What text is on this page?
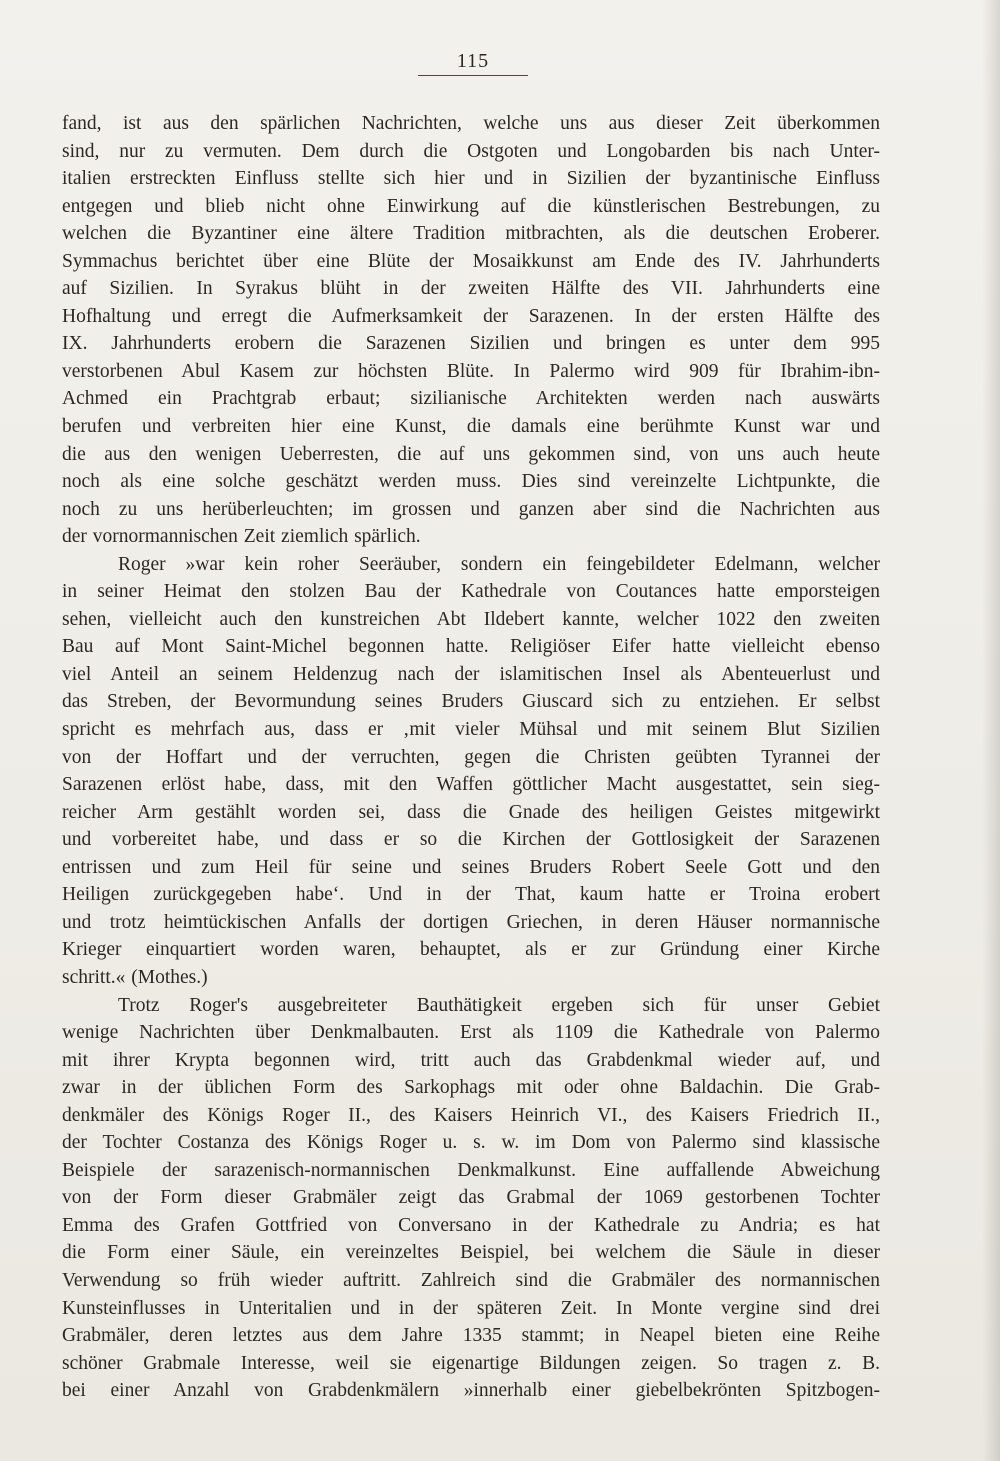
115
fand, ist aus den spärlichen Nachrichten, welche uns aus dieser Zeit überkommen
sind, nur zu vermuten. Dem durch die Ostgoten und Longobarden bis nach Unter-
italien erstreckten Einfluss stellte sich hier und in Sizilien der byzantinische Einfluss
entgegen und blieb nicht ohne Einwirkung auf die künstlerischen Bestrebungen, zu
welchen die Byzantiner eine ältere Tradition mitbrachten, als die deutschen Eroberer.
Symmachus berichtet über eine Blüte der Mosaikkunst am Ende des IV. Jahrhunderts
auf Sizilien. In Syrakus blüht in der zweiten Hälfte des VII. Jahrhunderts eine
Hofhaltung und erregt die Aufmerksamkeit der Sarazenen. In der ersten Hälfte des
IX. Jahrhunderts erobern die Sarazenen Sizilien und bringen es unter dem 995
verstorbenen Abul Kasem zur höchsten Blüte. In Palermo wird 909 für Ibrahim-ibn-
Achmed ein Prachtgrab erbaut; sizilianische Architekten werden nach auswärts
berufen und verbreiten hier eine Kunst, die damals eine berühmte Kunst war und
die aus den wenigen Ueberresten, die auf uns gekommen sind, von uns auch heute
noch als eine solche geschätzt werden muss. Dies sind vereinzelte Lichtpunkte, die
noch zu uns herüberleuchten; im grossen und ganzen aber sind die Nachrichten aus
der vornormannischen Zeit ziemlich spärlich.
Roger »war kein roher Seeräuber, sondern ein feingebildeter Edelmann, welcher
in seiner Heimat den stolzen Bau der Kathedrale von Coutances hatte emporsteigen
sehen, vielleicht auch den kunstreichen Abt Ildebert kannte, welcher 1022 den zweiten
Bau auf Mont Saint-Michel begonnen hatte. Religiöser Eifer hatte vielleicht ebenso
viel Anteil an seinem Heldenzug nach der islamitischen Insel als Abenteuerlust und
das Streben, der Bevormundung seines Bruders Giuscard sich zu entziehen. Er selbst
spricht es mehrfach aus, dass er ‚mit vieler Mühsal und mit seinem Blut Sizilien
von der Hoffart und der verruchten, gegen die Christen geübten Tyrannei der
Sarazenen erlöst habe, dass, mit den Waffen göttlicher Macht ausgestattet, sein sieg-
reicher Arm gestählt worden sei, dass die Gnade des heiligen Geistes mitgewirkt
und vorbereitet habe, und dass er so die Kirchen der Gottlosigkeit der Sarazenen
entrissen und zum Heil für seine und seines Bruders Robert Seele Gott und den
Heiligen zurückgegeben habe‘. Und in der That, kaum hatte er Troina erobert
und trotz heimtückischen Anfalls der dortigen Griechen, in deren Häuser normannische
Krieger einquartiert worden waren, behauptet, als er zur Gründung einer Kirche
schritt.« (Mothes.)
Trotz Roger's ausgebreiteter Bauthätigkeit ergeben sich für unser Gebiet
wenige Nachrichten über Denkmalbauten. Erst als 1109 die Kathedrale von Palermo
mit ihrer Krypta begonnen wird, tritt auch das Grabdenkmal wieder auf, und
zwar in der üblichen Form des Sarkophags mit oder ohne Baldachin. Die Grab-
denkmäler des Königs Roger II., des Kaisers Heinrich VI., des Kaisers Friedrich II.,
der Tochter Costanza des Königs Roger u. s. w. im Dom von Palermo sind klassische
Beispiele der sarazenisch-normannischen Denkmalkunst. Eine auffallende Abweichung
von der Form dieser Grabmäler zeigt das Grabmal der 1069 gestorbenen Tochter
Emma des Grafen Gottfried von Conversano in der Kathedrale zu Andria; es hat
die Form einer Säule, ein vereinzeltes Beispiel, bei welchem die Säule in dieser
Verwendung so früh wieder auftritt. Zahlreich sind die Grabmäler des normannischen
Kunsteinflusses in Unteritalien und in der späteren Zeit. In Monte vergine sind drei
Grabmäler, deren letztes aus dem Jahre 1335 stammt; in Neapel bieten eine Reihe
schöner Grabmale Interesse, weil sie eigenartige Bildungen zeigen. So tragen z. B.
bei einer Anzahl von Grabdenkmälern »innerhalb einer giebelbekrönten Spitzbogen-
